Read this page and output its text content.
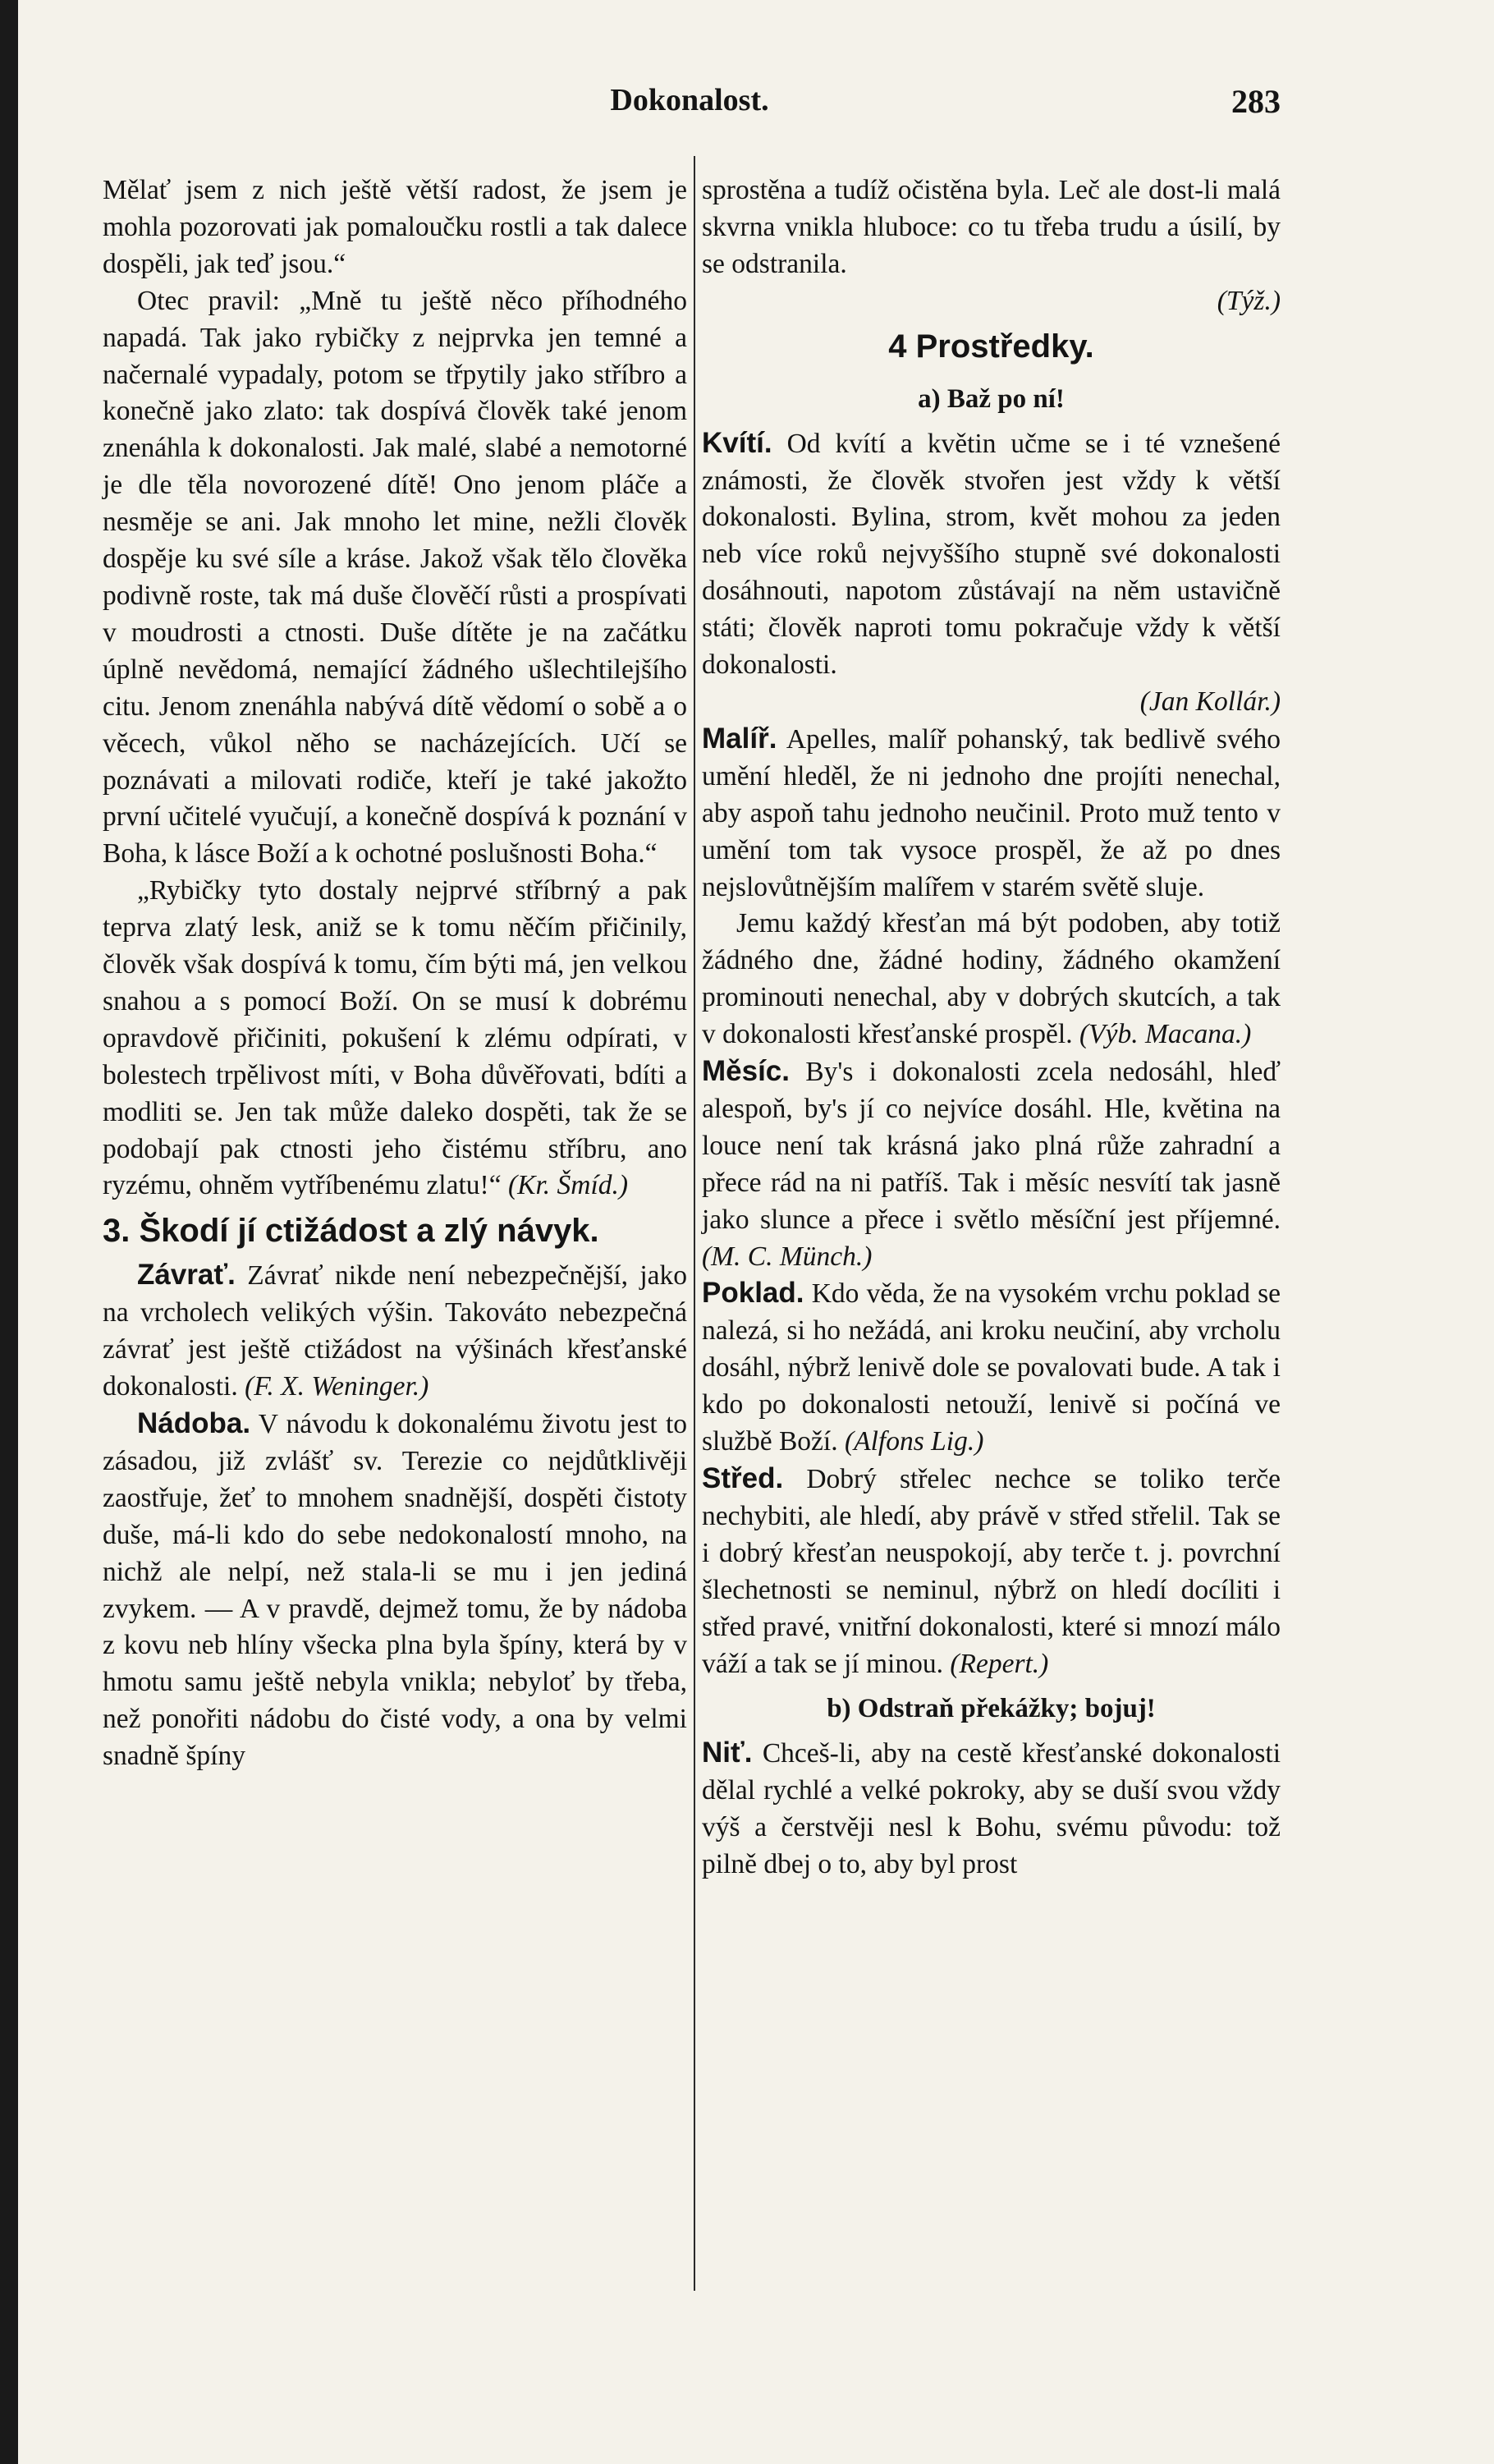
Dokonalost.	283

Mělať jsem z nich ještě větší radost, že jsem je mohla pozorovati jak pomaloučku rostli a tak dalece dospěli, jak teď jsou.“

Otec pravil: „Mně tu ještě něco příhodného napadá. Tak jako rybičky z nejprvka jen temné a načernalé vypadaly, potom se třpytily jako stříbro a konečně jako zlato: tak dospívá člověk také jenom znenáhla k dokonalosti. Jak malé, slabé a nemotorné je dle těla novorozené dítě! Ono jenom pláče a nesměje se ani. Jak mnoho let mine, nežli člověk dospěje ku své síle a kráse. Jakož však tělo člověka podivně roste, tak má duše člověčí růsti a prospívati v moudrosti a ctnosti. Duše dítěte je na začátku úplně nevědomá, nemající žádného ušlechtilejšího citu. Jenom znenáhla nabývá dítě vědomí o sobě a o věcech, vůkol něho se nacházejících. Učí se poznávati a milovati rodiče, kteří je také jakožto první učitelé vyučují, a konečně dospívá k poznání v Boha, k lásce Boží a k ochotné poslušnosti Boha.“

„Rybičky tyto dostaly nejprvé stříbrný a pak teprva zlatý lesk, aniž se k tomu něčím přičinily, člověk však dospívá k tomu, čím býti má, jen velkou snahou a s pomocí Boží. On se musí k dobrému opravdově přičiniti, pokušení k zlému odpírati, v bolestech trpělivost míti, v Boha důvěřovati, bdíti a modliti se. Jen tak může daleko dospěti, tak že se podobají pak ctnosti jeho čistému stříbru, ano ryzému, ohněm vytříbenému zlatu!“ (Kr. Šmíd.)

3. Škodí jí ctižádost a zlý návyk.

Závrať. Závrať nikde není nebezpečnější, jako na vrcholech velikých výšin. Takováto nebezpečná závrať jest ještě ctižádost na výšinách křesťanské dokonalosti. (F. X. Weninger.)

Nádoba. V návodu k dokonalému životu jest to zásadou, již zvlášť sv. Terezie co nejdůtklivěji zaostřuje, žeť to mnohem snadnější, dospěti čistoty duše, má-li kdo do sebe nedokonalostí mnoho, na nichž ale nelpí, než stala-li se mu i jen jediná zvykem. — A v pravdě, dejmež tomu, že by nádoba z kovu neb hlíny všecka plna byla špíny, která by v hmotu samu ještě nebyla vnikla; nebyloť by třeba, než ponořiti nádobu do čisté vody, a ona by velmi snadně špíny

sprostěna a tudíž očistěna byla. Leč ale dost-li malá skvrna vnikla hluboce: co tu třeba trudu a úsilí, by se odstranila.

(Týž.)

4 Prostředky.

a) Baž po ní!

Kvítí. Od kvítí a květin učme se i té vznešené známosti, že člověk stvořen jest vždy k větší dokonalosti. Bylina, strom, květ mohou za jeden neb více roků nejvyššího stupně své dokonalosti dosáhnouti, napotom zůstávají na něm ustavičně státi; člověk naproti tomu pokračuje vždy k větší dokonalosti.

(Jan Kollár.)

Malíř. Apelles, malíř pohanský, tak bedlivě svého umění hleděl, že ni jednoho dne projíti nenechal, aby aspoň tahu jednoho neučinil. Proto muž tento v umění tom tak vysoce prospěl, že až po dnes nejslovůtnějším malířem v starém světě sluje.

Jemu každý křesťan má být podoben, aby totiž žádného dne, žádné hodiny, žádného okamžení prominouti nenechal, aby v dobrých skutcích, a tak v dokonalosti křesťanské prospěl. (Výb. Macana.)

Měsíc. By's i dokonalosti zcela nedosáhl, hleď alespoň, by's jí co nejvíce dosáhl. Hle, květina na louce není tak krásná jako plná růže zahradní a přece rád na ni patříš. Tak i měsíc nesvítí tak jasně jako slunce a přece i světlo měsíční jest příjemné. (M. C. Münch.)

Poklad. Kdo věda, že na vysokém vrchu poklad se nalezá, si ho nežádá, ani kroku neučiní, aby vrcholu dosáhl, nýbrž lenivě dole se povalovati bude. A tak i kdo po dokonalosti netouží, lenivě si počíná ve službě Boží. (Alfons Lig.)

Střed. Dobrý střelec nechce se toliko terče nechybiti, ale hledí, aby právě v střed střelil. Tak se i dobrý křesťan neuspokojí, aby terče t. j. povrchní šlechetnosti se neminul, nýbrž on hledí docíliti i střed pravé, vnitřní dokonalosti, které si mnozí málo váží a tak se jí minou. (Repert.)

b) Odstraň překážky; bojuj!

Niť. Chceš-li, aby na cestě křesťanské dokonalosti dělal rychlé a velké pokroky, aby se duší svou vždy výš a čerstvěji nesl k Bohu, svému původu: tož pilně dbej o to, aby byl prost
